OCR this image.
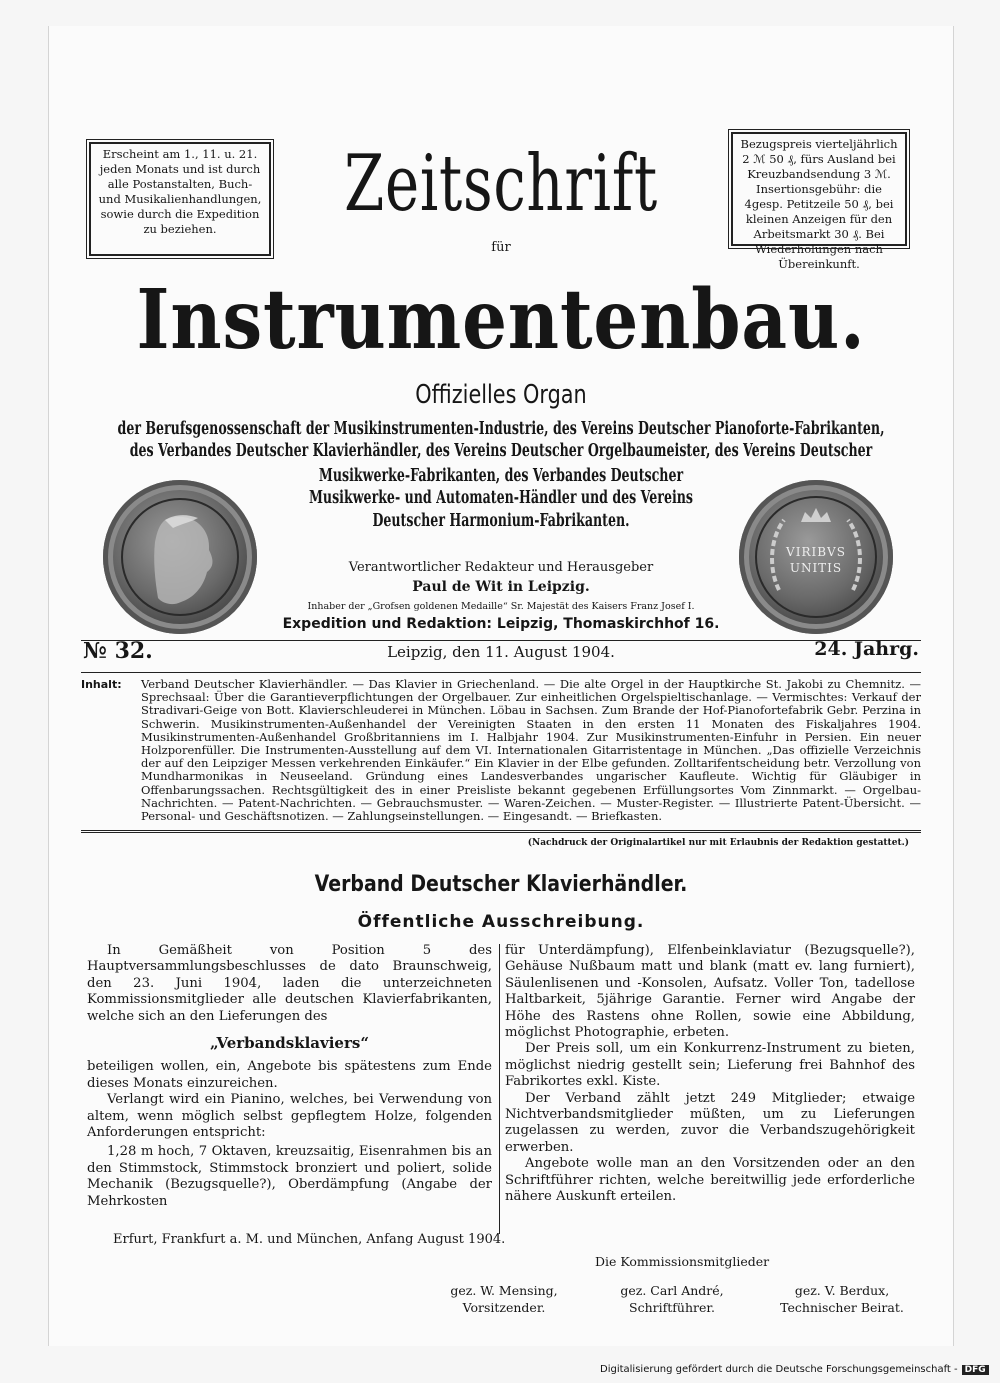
Erscheint am 1., 11. u. 21. jeden Monats und ist durch alle Postanstalten, Buch- und Musikalienhandlungen, sowie durch die Expedition zu beziehen.
Bezugspreis vierteljährlich 2 ℳ 50 ₰, fürs Ausland bei Kreuzbandsendung 3 ℳ. Insertionsgebühr: die 4gesp. Petitzeile 50 ₰, bei kleinen Anzeigen für den Arbeitsmarkt 30 ₰. Bei Wiederholungen nach Übereinkunft.
Zeitschrift
für
Instrumentenbau.
Offizielles Organ
der Berufsgenossenschaft der Musikinstrumenten-Industrie, des Vereins Deutscher Pianoforte-Fabrikanten,
des Verbandes Deutscher Klavierhändler, des Vereins Deutscher Orgelbaumeister, des Vereins Deutscher
Musikwerke-Fabrikanten, des Verbandes Deutscher
Musikwerke- und Automaten-Händler und des Vereins
Deutscher Harmonium-Fabrikanten.
VIRIBVS UNITIS
Verantwortlicher Redakteur und Herausgeber
Paul de Wit in Leipzig.
Inhaber der „Grofsen goldenen Medaille“ Sr. Majestät des Kaisers Franz Josef I.
Expedition und Redaktion: Leipzig, Thomaskirchhof 16.
№ 32.	Leipzig, den 11. August 1904.	24. Jahrg.
Inhalt: Verband Deutscher Klavierhändler. — Das Klavier in Griechenland. — Die alte Orgel in der Hauptkirche St. Jakobi zu Chemnitz. — Sprechsaal: Über die Garantieverpflichtungen der Orgelbauer. Zur einheitlichen Orgelspieltischanlage. — Vermischtes: Verkauf der Stradivari-Geige von Bott. Klavierschleuderei in München. Löbau in Sachsen. Zum Brande der Hof-Pianofortefabrik Gebr. Perzina in Schwerin. Musikinstrumenten-Außenhandel der Vereinigten Staaten in den ersten 11 Monaten des Fiskaljahres 1904. Musikinstrumenten-Außenhandel Großbritanniens im I. Halbjahr 1904. Zur Musikinstrumenten-Einfuhr in Persien. Ein neuer Holzporenfüller. Die Instrumenten-Ausstellung auf dem VI. Internationalen Gitarristentage in München. „Das offizielle Verzeichnis der auf den Leipziger Messen verkehrenden Einkäufer.“ Ein Klavier in der Elbe gefunden. Zolltarifentscheidung betr. Verzollung von Mundharmonikas in Neuseeland. Gründung eines Landesverbandes ungarischer Kaufleute. Wichtig für Gläubiger in Offenbarungssachen. Rechtsgültigkeit des in einer Preisliste bekannt gegebenen Erfüllungsortes Vom Zinnmarkt. — Orgelbau-Nachrichten. — Patent-Nachrichten. — Gebrauchsmuster. — Waren-Zeichen. — Muster-Register. — Illustrierte Patent-Übersicht. — Personal- und Geschäftsnotizen. — Zahlungseinstellungen. — Eingesandt. — Briefkasten.
(Nachdruck der Originalartikel nur mit Erlaubnis der Redaktion gestattet.)
Verband Deutscher Klavierhändler.
Öffentliche Ausschreibung.

In Gemäßheit von Position 5 des Hauptversammlungsbeschlusses de dato Braunschweig, den 23. Juni 1904, laden die unterzeichneten Kommissionsmitglieder alle deutschen Klavierfabrikanten, welche sich an den Lieferungen des

„Verbandsklaviers“

beteiligen wollen, ein, Angebote bis spätestens zum Ende dieses Monats einzureichen.

Verlangt wird ein Pianino, welches, bei Verwendung von altem, wenn möglich selbst gepflegtem Holze, folgenden Anforderungen entspricht:

1,28 m hoch, 7 Oktaven, kreuzsaitig, Eisenrahmen bis an den Stimmstock, Stimmstock bronziert und poliert, solide Mechanik (Bezugsquelle?), Oberdämpfung (Angabe der Mehrkosten

für Unterdämpfung), Elfenbeinklaviatur (Bezugsquelle?), Gehäuse Nußbaum matt und blank (matt ev. lang furniert), Säulenlisenen und -Konsolen, Aufsatz. Voller Ton, tadellose Haltbarkeit, 5jährige Garantie. Ferner wird Angabe der Höhe des Rastens ohne Rollen, sowie eine Abbildung, möglichst Photographie, erbeten.

Der Preis soll, um ein Konkurrenz-Instrument zu bieten, möglichst niedrig gestellt sein; Lieferung frei Bahnhof des Fabrikortes exkl. Kiste.

Der Verband zählt jetzt 249 Mitglieder; etwaige Nichtverbandsmitglieder müßten, um zu Lieferungen zugelassen zu werden, zuvor die Verbandszugehörigkeit erwerben.

Angebote wolle man an den Vorsitzenden oder an den Schriftführer richten, welche bereitwillig jede erforderliche nähere Auskunft erteilen.

Erfurt, Frankfurt a. M. und München, Anfang August 1904.
Die Kommissionsmitglieder
gez. W. Mensing,
Vorsitzender.
gez. Carl André,
Schriftführer.
gez. V. Berdux,
Technischer Beirat.
Digitalisierung gefördert durch die Deutsche Forschungsgemeinschaft - DFG
